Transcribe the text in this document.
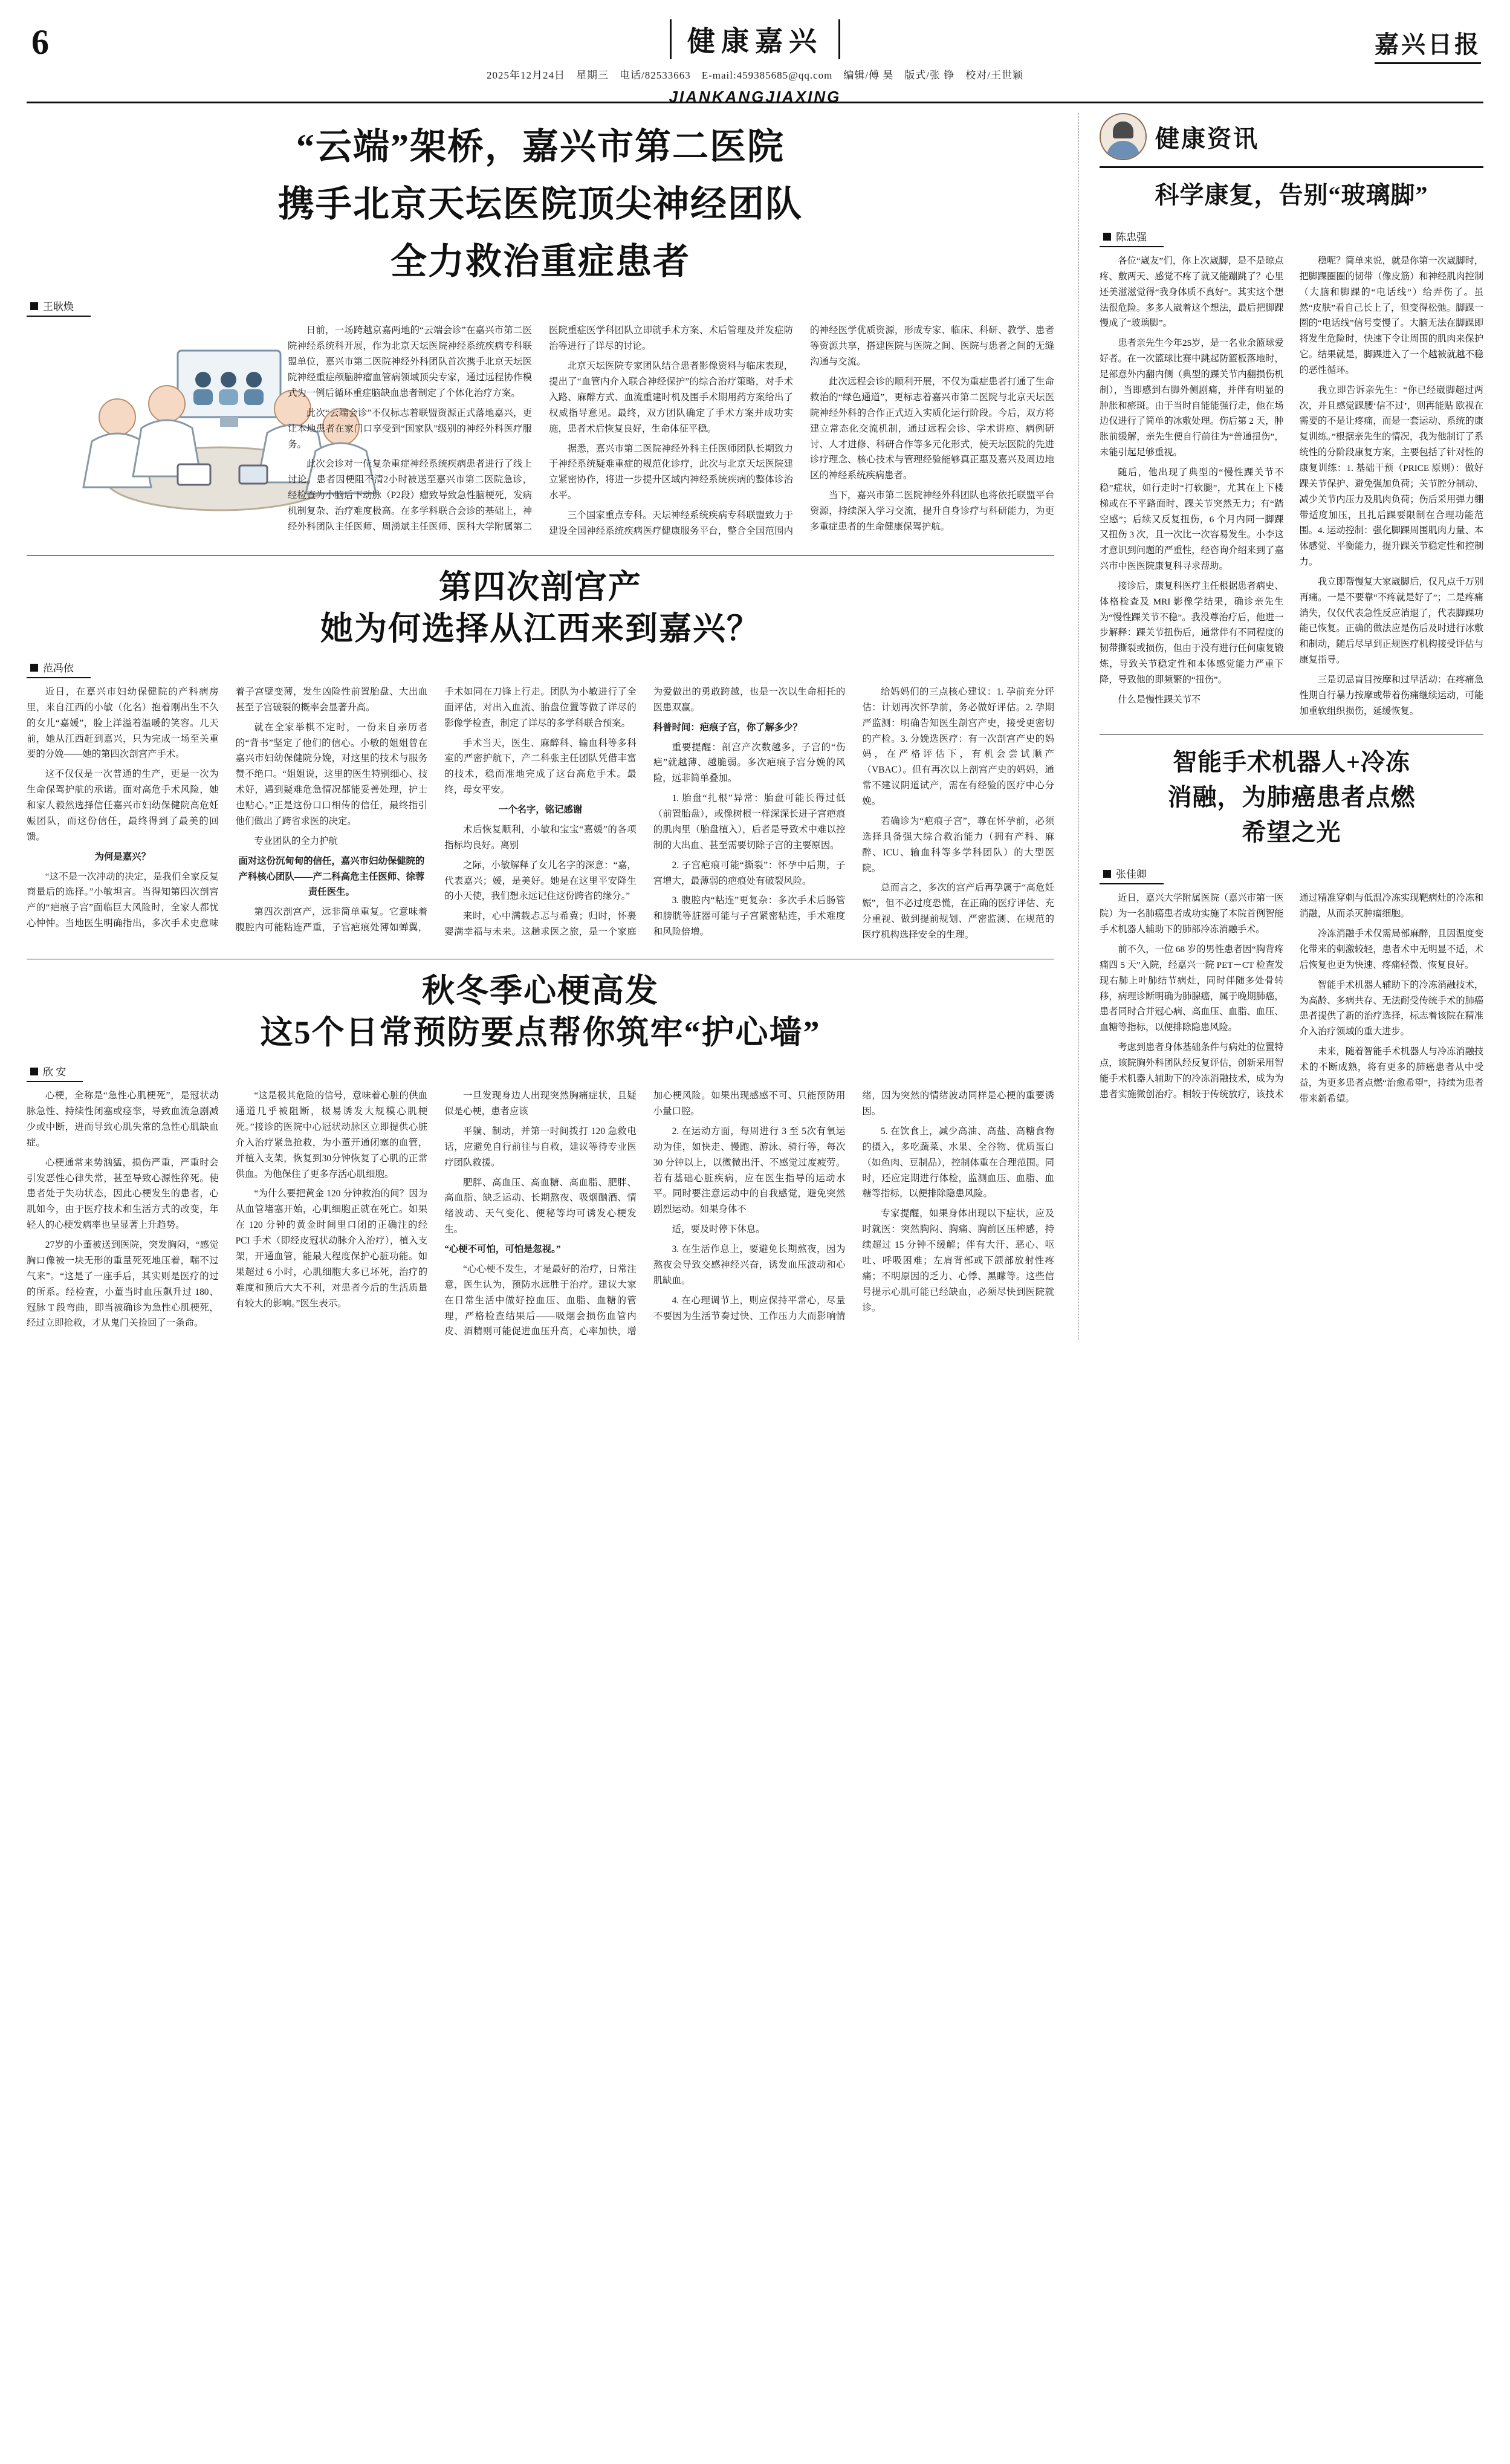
6	健康嘉兴
2025年12月24日　星期三　电话/82533663　E-mail:459385685@qq.com　编辑/傅 昊　版式/张 铮　校对/王世颖
JIANKANGJIAXING
嘉兴日报
“云端”架桥，嘉兴市第二医院
携手北京天坛医院顶尖神经团队
全力救治重症患者
王耿焕

日前，一场跨越京嘉两地的“云端会诊”在嘉兴市第二医院神经系统科开展，作为北京天坛医院神经系统疾病专科联盟单位，嘉兴市第二医院神经外科团队首次携手北京天坛医院神经重症颅脑肿瘤血管病领域顶尖专家，通过远程协作模式为一例后循环重症脑缺血患者制定了个体化治疗方案。

此次“云端会诊”不仅标志着联盟资源正式落地嘉兴，更让本地患者在家门口享受到“国家队”级别的神经外科医疗服务。

此次会诊对一位复杂重症神经系统疾病患者进行了线上讨论。患者因梗阻不清2小时被送至嘉兴市第二医院急诊，经检查为小脑后下动脉（P2段）瘤致导致急性脑梗死，发病机制复杂、治疗难度极高。在多学科联合会诊的基础上，神经外科团队主任医师、周湧斌主任医师、医科大学附属第二医院重症医学科团队立即就手术方案、术后管理及并发症防治等进行了详尽的讨论。

北京天坛医院专家团队结合患者影像资料与临床表现，提出了“血管内介入联合神经保护”的综合治疗策略，对手术入路、麻醉方式、血流重建时机及围手术期用药方案给出了权威指导意见。最终，双方团队确定了手术方案并成功实施，患者术后恢复良好，生命体征平稳。

据悉，嘉兴市第二医院神经外科主任医师团队长期致力于神经系统疑难重症的规范化诊疗，此次与北京天坛医院建立紧密协作，将进一步提升区域内神经系统疾病的整体诊治水平。

三个国家重点专科。天坛神经系统疾病专科联盟致力于建设全国神经系统疾病医疗健康服务平台，整合全国范围内的神经医学优质资源，形成专家、临床、科研、教学、患者等资源共享，搭建医院与医院之间、医院与患者之间的无缝沟通与交流。

此次远程会诊的顺利开展，不仅为重症患者打通了生命救治的“绿色通道”，更标志着嘉兴市第二医院与北京天坛医院神经外科的合作正式迈入实质化运行阶段。今后，双方将建立常态化交流机制，通过远程会诊、学术讲座、病例研讨、人才进修、科研合作等多元化形式，使天坛医院的先进诊疗理念、核心技术与管理经验能够真正惠及嘉兴及周边地区的神经系统疾病患者。

当下，嘉兴市第二医院神经外科团队也将依托联盟平台资源，持续深入学习交流，提升自身诊疗与科研能力，为更多重症患者的生命健康保驾护航。

第四次剖宫产
她为何选择从江西来到嘉兴？
范冯依

近日，在嘉兴市妇幼保健院的产科病房里，来自江西的小敏（化名）抱着刚出生不久的女儿“嘉媛”，脸上洋溢着温暖的笑容。几天前，她从江西赶到嘉兴，只为完成一场至关重要的分娩——她的第四次剖宫产手术。

这不仅仅是一次普通的生产，更是一次为生命保驾护航的承诺。面对高危手术风险，她和家人毅然选择信任嘉兴市妇幼保健院高危妊娠团队，而这份信任，最终得到了最美的回馈。

为何是嘉兴？

“这不是一次冲动的决定，是我们全家反复商量后的选择。”小敏坦言。当得知第四次剖宫产的“疤痕子宫”面临巨大风险时，全家人都忧心忡忡。当地医生明确指出，多次手术史意味着子宫壁变薄，发生凶险性前置胎盘、大出血甚至子宫破裂的概率会显著升高。

就在全家举棋不定时，一份来自亲历者的“背书”坚定了他们的信心。小敏的姐姐曾在嘉兴市妇幼保健院分娩，对这里的技术与服务赞不绝口。“姐姐说，这里的医生特别细心、技术好，遇到疑难危急情况都能妥善处理，护士也贴心。”正是这份口口相传的信任，最终指引他们做出了跨省求医的决定。

专业团队的全力护航

面对这份沉甸甸的信任，嘉兴市妇幼保健院的产科核心团队——产二科高危主任医师、徐蓉责任医生。

第四次剖宫产，远非简单重复。它意味着腹腔内可能粘连严重，子宫疤痕处薄如蝉翼，手术如同在刀锋上行走。团队为小敏进行了全面评估，对出入血流、胎盘位置等做了详尽的影像学检查，制定了详尽的多学科联合预案。

手术当天，医生、麻醉科、输血科等多科室的严密护航下，产二科张主任团队凭借丰富的技术，稳而准地完成了这台高危手术。最终，母女平安。

一个名字，铭记感谢

术后恢复顺利，小敏和宝宝“嘉媛”的各项指标均良好。离别

之际，小敏解释了女儿名字的深意：“嘉，代表嘉兴；媛，是美好。她是在这里平安降生的小天使，我们想永远记住这份跨省的缘分。”

来时，心中满载忐忑与希冀；归时，怀裹婴满幸福与未来。这趟求医之旅，是一个家庭为爱做出的勇敢跨越，也是一次以生命相托的医患双赢。

科普时间：疤痕子宫，你了解多少？

重要提醒：剖宫产次数越多，子宫的“伤疤”就越薄、越脆弱。多次疤痕子宫分娩的风险，远非简单叠加。

1. 胎盘“扎根”异常：胎盘可能长得过低（前置胎盘），或像树根一样深深长进子宫疤痕的肌肉里（胎盘植入），后者是导致术中难以控制的大出血、甚至需要切除子宫的主要原因。

2. 子宫疤痕可能“撕裂”：怀孕中后期，子宫增大，最薄弱的疤痕处有破裂风险。

3. 腹腔内“粘连”更复杂：多次手术后肠管和膀胱等脏器可能与子宫紧密粘连，手术难度和风险倍增。

给妈妈们的三点核心建议：1. 孕前充分评估：计划再次怀孕前，务必做好评估。2. 孕期严监测：明确告知医生剖宫产史，接受更密切的产检。3. 分娩选医疗：有一次剖宫产史的妈妈，在严格评估下，有机会尝试顺产（VBAC）。但有再次以上剖宫产史的妈妈，通常不建议阴道试产，需在有经验的医疗中心分娩。

若确诊为“疤痕子宫”，尊在怀孕前，必须选择具备强大综合救治能力（拥有产科、麻醉、ICU、输血科等多学科团队）的大型医院。

总而言之，多次的宫产后再孕属于“高危妊娠”，但不必过度恐慌，在正确的医疗评估、充分重视、做到提前规划、严密监测、在规范的医疗机构选择安全的生理。

秋冬季心梗高发
这5个日常预防要点帮你筑牢“护心墙”
欣 安

心梗，全称是“急性心肌梗死”，是冠状动脉急性、持续性闭塞或痉挛，导致血流急剧减少或中断，进而导致心肌失常的急性心肌缺血症。

心梗通常来势汹猛，损伤严重，严重时会引发恶性心律失常，甚至导致心源性猝死。使患者处于失功状态，因此心梗发生的患者，心肌如今，由于医疗技术和生活方式的改变，年轻人的心梗发病率也呈显著上升趋势。

27岁的小董被送到医院，突发胸闷，“感觉胸口像被一块无形的重量死死地压着，喘不过气来”。“这是了一座手后，其实则是医疗的过的所系。经检查，小董当时血压飙升过 180、冠脉 T 段弯曲，即当被确诊为急性心肌梗死，经过立即抢救，才从鬼门关捡回了一条命。

“这是极其危险的信号，意味着心脏的供血通道几乎被阻断，极易诱发大规模心肌梗死。”接诊的医院中心冠状动脉区立即提供心脏介入治疗紧急抢救，为小董开通闭塞的血管，并植入支架，恢复到30分钟恢复了心肌的正常供血。为他保住了更多存活心肌细胞。

“为什么要把黄金 120 分钟救治的间？因为从血管堵塞开始，心肌细胞正就在死亡。如果在 120 分钟的黄金时间里口闭的正确注的经 PCI 手术（即经皮冠状动脉介入治疗），植入支架，开通血管，能最大程度保护心脏功能。如果超过 6 小时，心肌细胞大多已坏死，治疗的难度和预后大大不利，对患者今后的生活质量有较大的影响。”医生表示。

一旦发现身边人出现突然胸痛症状，且疑似是心梗，患者应该

平躺、制动，并第一时间拨打 120 急救电话，应避免自行前往与自救，建议等待专业医疗团队救援。

肥胖、高血压、高血糖、高血脂、肥胖、高血脂、缺乏运动、长期熬夜、吸烟酗酒、情绪波动、天气变化、便秘等均可诱发心梗发生。

“心梗不可怕，可怕是忽视。”

“心心梗不发生，才是最好的治疗，日常注意，医生认为，预防水远胜于治疗。建议大家在日常生活中做好控血压、血脂、血糖的管理，严格检查结果后——吸烟会损伤血管内皮、酒精则可能促进血压升高，心率加快，增加心梗风险。如果出现感感不可、只能预防用小量口腔。

2. 在运动方面，每周进行 3 至 5次有氧运动为佳，如快走、慢跑、游泳、骑行等，每次 30 分钟以上，以微微出汗、不感觉过度疲劳。若有基础心脏疾病，应在医生指导的运动水平。同时要注意运动中的自我感觉，避免突然剧烈运动。如果身体不

适，要及时停下休息。

3. 在生活作息上，要避免长期熬夜，因为熬夜会导致交感神经兴奋，诱发血压波动和心肌缺血。

4. 在心理调节上，则应保持平常心，尽量不要因为生活节奏过快、工作压力大而影响情绪，因为突然的情绪波动同样是心梗的重要诱因。

5. 在饮食上，减少高油、高盐、高糖食物的摄入，多吃蔬菜、水果、全谷物、优质蛋白（如鱼肉、豆制品），控制体重在合理范围。同时，还应定期进行体检，监测血压、血脂、血糖等指标，以便排除隐患风险。

专家提醒，如果身体出现以下症状，应及时就医：突然胸闷、胸痛、胸前区压榨感，持续超过 15 分钟不缓解；伴有大汗、恶心、呕吐、呼吸困难；左肩背部或下颌部放射性疼痛；不明原因的乏力、心悸、黑矇等。这些信号提示心肌可能已经缺血，必须尽快到医院就诊。

健康资讯
科学康复，告别“玻璃脚”
陈忠强

各位“崴友”们，你上次崴脚，是不是晾点疼、敷两天、感觉不疼了就又能蹦跳了？心里还美滋滋觉得“我身体质不真好”。其实这个想法很危险。多多人崴着这个想法，最后把脚踝慢成了“玻璃脚”。

患者亲先生今年25岁，是一名业余篮球爱好者。在一次篮球比赛中跳起防篮板落地时，足部意外内翻内侧（典型的踝关节内翻损伤机制），当即感到右脚外侧剧痛，并伴有明显的肿胀和瘀斑。由于当时自能能强行走，他在场边仅进行了简单的冰敷处理。伤后第 2 天，肿胀前缓解，亲先生便自行前往为“普通扭伤”，未能引起足够重视。

随后，他出现了典型的“慢性踝关节不稳”症状，如行走时“打软腿”，尤其在上下楼梯或在不平路面时，踝关节突然无力；有“踏空感”；后续又反复扭伤，6 个月内同一脚踝又扭伤 3 次，且一次比一次容易发生。小李这才意识到问题的严重性，经咨询介绍来到了嘉兴市中医医院康复科寻求帮助。

接诊后，康复科医疗主任根据患者病史、体格检查及 MRI 影像学结果，确诊亲先生为“慢性踝关节不稳”。我没尊治疗后，他进一步解释：踝关节扭伤后，通常伴有不同程度的韧带撕裂或损伤，但由于没有进行任何康复锻炼，导致关节稳定性和本体感觉能力严重下降，导致他的即频繁的“扭伤”。

什么是慢性踝关节不

稳呢？简单来说，就是你第一次崴脚时，把脚踝圈圈的韧带（像皮筋）和神经肌肉控制（大脑和脚踝的“电话线”）给弄伤了。虽然“皮肤”看自己长上了，但变得松弛。脚踝一圈的“电话线”信号变慢了。大脑无法在脚踝即将发生危险时，快速下令让周围的肌肉来保护它。结果就是，脚踝进入了一个越被就越不稳的恶性循环。

我立即告诉亲先生：“你已经崴脚超过两次，并且感觉踝腰‘信不过’，则再能贴 欧视在需要的不是让疼痛，而是一套运动、系统的康复训练。”根据亲先生的情况，我为他制订了系统性的分阶段康复方案，主要包括了针对性的康复训练：1. 基础干预（PRICE 原则）：做好踝关节保护、避免强加负荷；关节腔分制动、减少关节内压力及肌肉负荷；伤后采用弹力绷带适度加压，且扎后踝要限制在合理功能范围。4. 运动控制：强化脚踝周围肌肉力量、本体感觉、平衡能力，提升踝关节稳定性和控制力。

我立即帮慢复大家崴脚后，仅凡点千万别再痛。一是不要靠“不疼就是好了”；二是疼痛消失，仅仅代表急性反应消退了，代表脚踝功能已恢复。正确的做法应是伤后及时进行冰敷和制动，随后尽早到正规医疗机构接受评估与康复指导。

三是切忌盲目按摩和过早活动：在疼痛急性期自行暴力按摩或带着伤痛继续运动，可能加重软组织损伤，延缓恢复。

智能手术机器人+冷冻
消融，为肺癌患者点燃
希望之光
张佳卿

近日，嘉兴大学附属医院（嘉兴市第一医院）为一名肺癌患者成功实施了本院首例智能手术机器人辅助下的肺部冷冻消融手术。

前不久，一位 68 岁的男性患者因“胸背疼痛四 5 天”入院，经嘉兴一院 PET－CT 检查发现右肺上叶肺结节病灶，同时伴随多处骨转移，病理诊断明确为肺腺癌，属于晚期肺癌，患者同时合并冠心病、高血压、血脂、血压、血糖等指标，以便排除隐患风险。

考虑到患者身体基础条件与病灶的位置特点，该院胸外科团队经反复评估，创新采用智能手术机器人辅助下的冷冻消融技术，成为为患者实施微创治疗。相较于传统放疗，该技术通过精准穿刺与低温冷冻实现靶病灶的冷冻和消融，从而杀灭肿瘤细胞。

冷冻消融手术仅需局部麻醉，且因温度变化带来的刺激较轻，患者术中无明显不适，术后恢复也更为快速、疼痛轻微、恢复良好。

智能手术机器人辅助下的冷冻消融技术，为高龄、多病共存、无法耐受传统手术的肺癌患者提供了新的治疗选择，标志着该院在精准介入治疗领域的重大进步。

未来，随着智能手术机器人与冷冻消融技术的不断成熟，将有更多的肺癌患者从中受益，为更多患者点燃“治愈希望”，持续为患者带来新希望。
